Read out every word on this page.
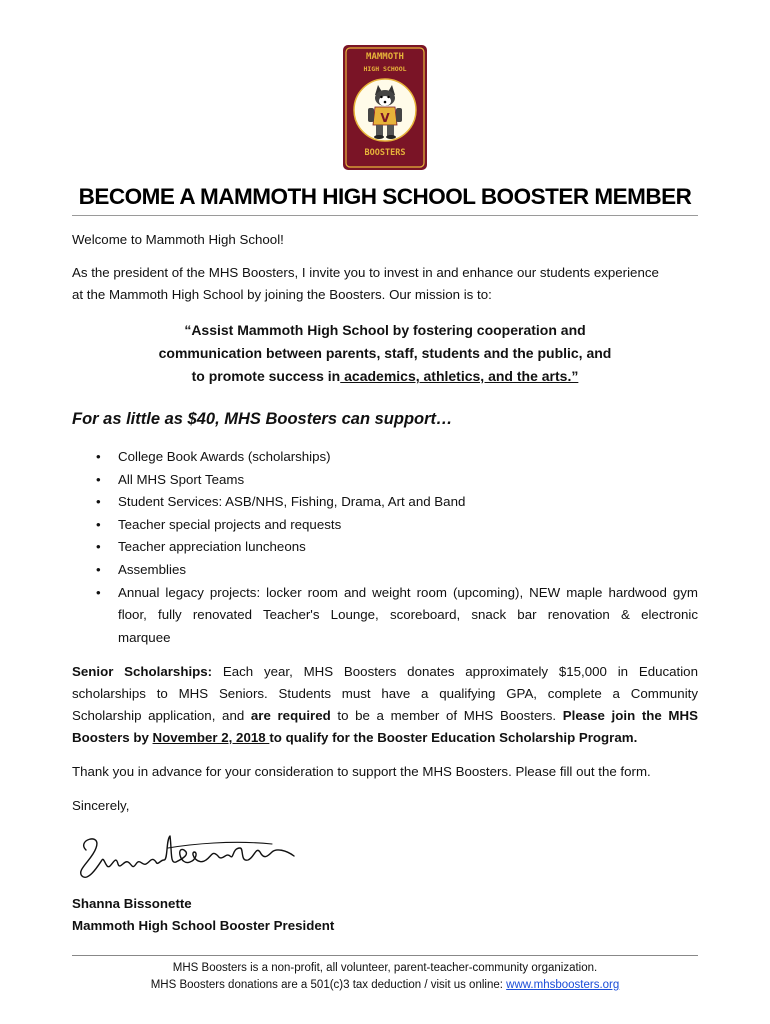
MAMMOTH
HIGH SCHOOL
V
BOOSTERS
BECOME A MAMMOTH HIGH SCHOOL BOOSTER MEMBER
Welcome to Mammoth High School!
As the president of the MHS Boosters, I invite you to invest in and enhance our students experience
at the Mammoth High School by joining the Boosters. Our mission is to:
“Assist Mammoth High School by fostering cooperation and
communication between parents, staff, students and the public, and
to promote success in academics, athletics, and the arts.”
For as little as $40, MHS Boosters can support…
• College Book Awards (scholarships)
• All MHS Sport Teams
• Student Services: ASB/NHS, Fishing, Drama, Art and Band
• Teacher special projects and requests
• Teacher appreciation luncheons
• Assemblies
• Annual legacy projects: locker room and weight room (upcoming), NEW maple hardwood gym
floor, fully renovated Teacher's Lounge, scoreboard, snack bar renovation & electronic
marquee
Senior Scholarships: Each year, MHS Boosters donates approximately $15,000 in Education
scholarships to MHS Seniors. Students must have a qualifying GPA, complete a Community
Scholarship application, and are required to be a member of MHS Boosters. Please join the MHS
Boosters by November 2, 2018 to qualify for the Booster Education Scholarship Program.
Thank you in advance for your consideration to support the MHS Boosters. Please fill out the form.
Sincerely,
Shanna Bissonette
Mammoth High School Booster President
MHS Boosters is a non-profit, all volunteer, parent-teacher-community organization.
MHS Boosters donations are a 501(c)3 tax deduction / visit us online: www.mhsboosters.org
